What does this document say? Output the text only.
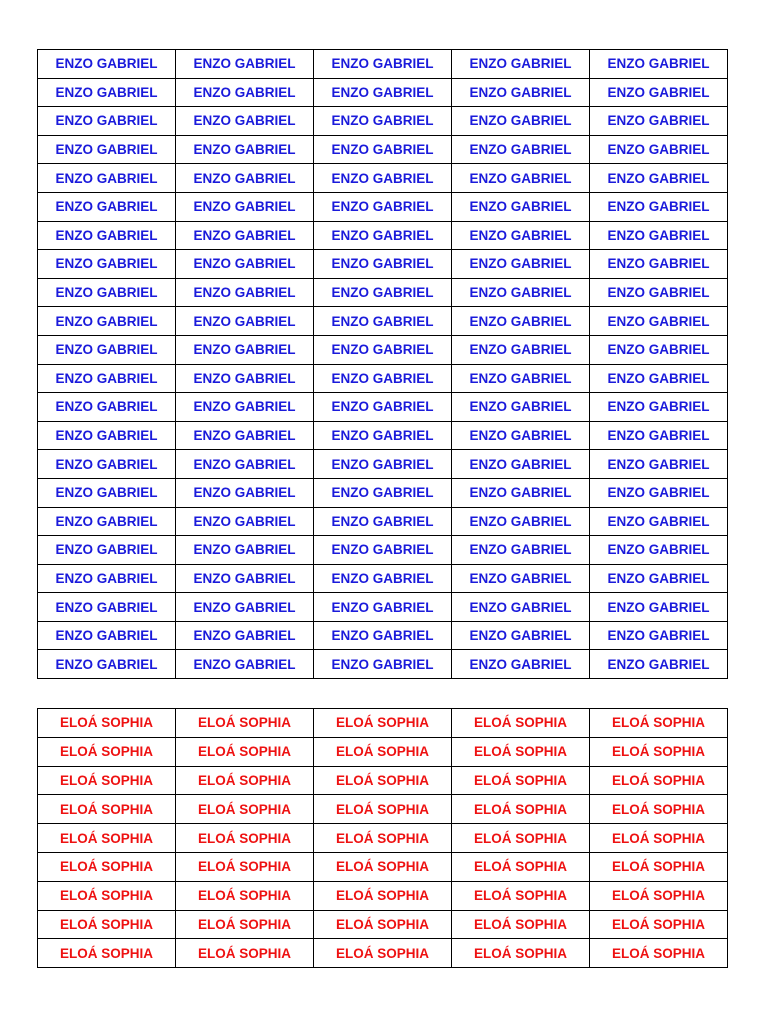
ENZO GABRIEL	ENZO GABRIEL	ENZO GABRIEL	ENZO GABRIEL	ENZO GABRIEL
ENZO GABRIEL	ENZO GABRIEL	ENZO GABRIEL	ENZO GABRIEL	ENZO GABRIEL
ENZO GABRIEL	ENZO GABRIEL	ENZO GABRIEL	ENZO GABRIEL	ENZO GABRIEL
ENZO GABRIEL	ENZO GABRIEL	ENZO GABRIEL	ENZO GABRIEL	ENZO GABRIEL
ENZO GABRIEL	ENZO GABRIEL	ENZO GABRIEL	ENZO GABRIEL	ENZO GABRIEL
ENZO GABRIEL	ENZO GABRIEL	ENZO GABRIEL	ENZO GABRIEL	ENZO GABRIEL
ENZO GABRIEL	ENZO GABRIEL	ENZO GABRIEL	ENZO GABRIEL	ENZO GABRIEL
ENZO GABRIEL	ENZO GABRIEL	ENZO GABRIEL	ENZO GABRIEL	ENZO GABRIEL
ENZO GABRIEL	ENZO GABRIEL	ENZO GABRIEL	ENZO GABRIEL	ENZO GABRIEL
ENZO GABRIEL	ENZO GABRIEL	ENZO GABRIEL	ENZO GABRIEL	ENZO GABRIEL
ENZO GABRIEL	ENZO GABRIEL	ENZO GABRIEL	ENZO GABRIEL	ENZO GABRIEL
ENZO GABRIEL	ENZO GABRIEL	ENZO GABRIEL	ENZO GABRIEL	ENZO GABRIEL
ENZO GABRIEL	ENZO GABRIEL	ENZO GABRIEL	ENZO GABRIEL	ENZO GABRIEL
ENZO GABRIEL	ENZO GABRIEL	ENZO GABRIEL	ENZO GABRIEL	ENZO GABRIEL
ENZO GABRIEL	ENZO GABRIEL	ENZO GABRIEL	ENZO GABRIEL	ENZO GABRIEL
ENZO GABRIEL	ENZO GABRIEL	ENZO GABRIEL	ENZO GABRIEL	ENZO GABRIEL
ENZO GABRIEL	ENZO GABRIEL	ENZO GABRIEL	ENZO GABRIEL	ENZO GABRIEL
ENZO GABRIEL	ENZO GABRIEL	ENZO GABRIEL	ENZO GABRIEL	ENZO GABRIEL
ENZO GABRIEL	ENZO GABRIEL	ENZO GABRIEL	ENZO GABRIEL	ENZO GABRIEL
ENZO GABRIEL	ENZO GABRIEL	ENZO GABRIEL	ENZO GABRIEL	ENZO GABRIEL
ENZO GABRIEL	ENZO GABRIEL	ENZO GABRIEL	ENZO GABRIEL	ENZO GABRIEL
ENZO GABRIEL	ENZO GABRIEL	ENZO GABRIEL	ENZO GABRIEL	ENZO GABRIEL
ELOÁ SOPHIA	ELOÁ SOPHIA	ELOÁ SOPHIA	ELOÁ SOPHIA	ELOÁ SOPHIA
ELOÁ SOPHIA	ELOÁ SOPHIA	ELOÁ SOPHIA	ELOÁ SOPHIA	ELOÁ SOPHIA
ELOÁ SOPHIA	ELOÁ SOPHIA	ELOÁ SOPHIA	ELOÁ SOPHIA	ELOÁ SOPHIA
ELOÁ SOPHIA	ELOÁ SOPHIA	ELOÁ SOPHIA	ELOÁ SOPHIA	ELOÁ SOPHIA
ELOÁ SOPHIA	ELOÁ SOPHIA	ELOÁ SOPHIA	ELOÁ SOPHIA	ELOÁ SOPHIA
ELOÁ SOPHIA	ELOÁ SOPHIA	ELOÁ SOPHIA	ELOÁ SOPHIA	ELOÁ SOPHIA
ELOÁ SOPHIA	ELOÁ SOPHIA	ELOÁ SOPHIA	ELOÁ SOPHIA	ELOÁ SOPHIA
ELOÁ SOPHIA	ELOÁ SOPHIA	ELOÁ SOPHIA	ELOÁ SOPHIA	ELOÁ SOPHIA
ELOÁ SOPHIA	ELOÁ SOPHIA	ELOÁ SOPHIA	ELOÁ SOPHIA	ELOÁ SOPHIA
